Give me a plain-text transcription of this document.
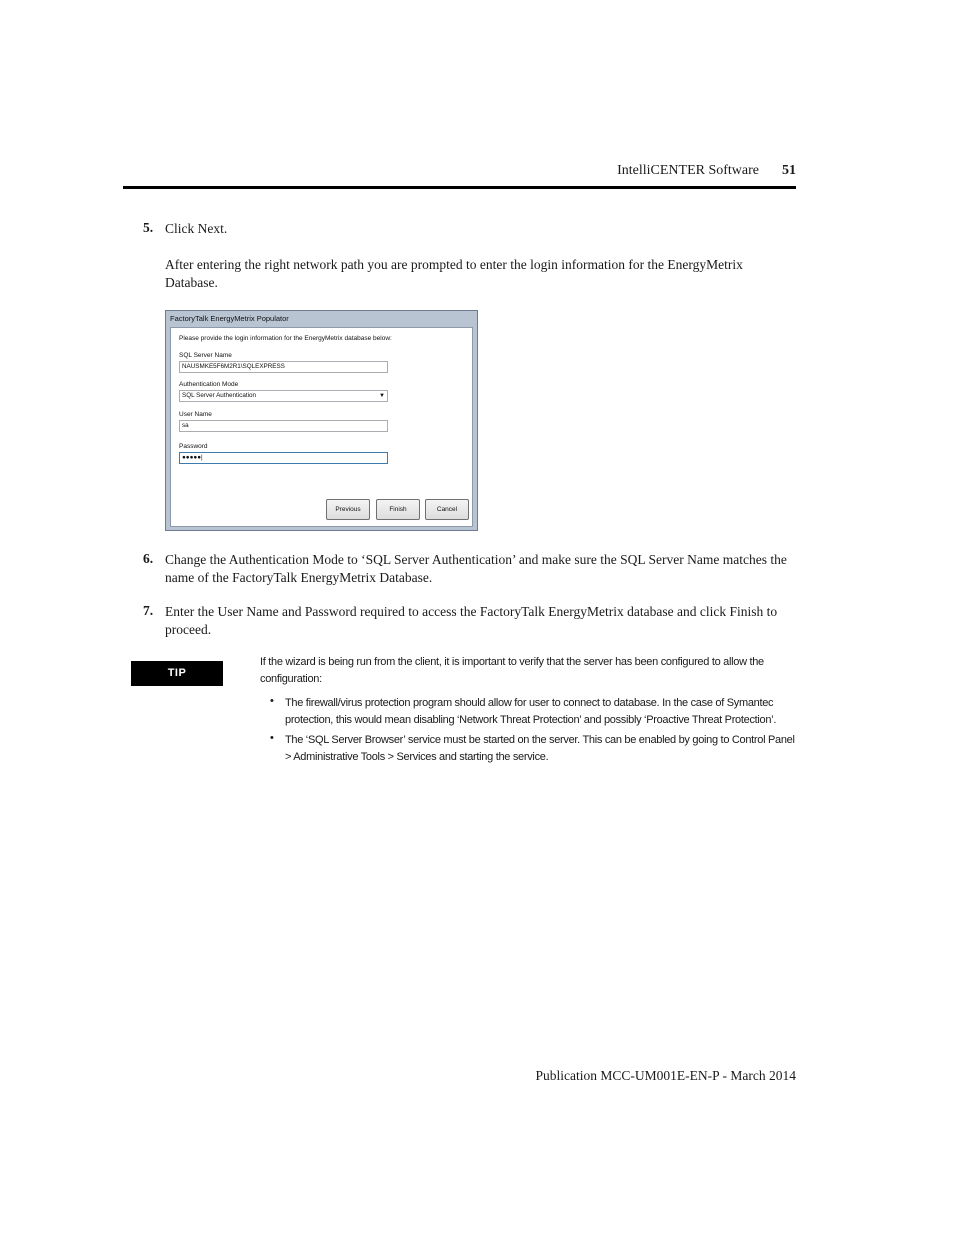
IntelliCENTER Software 51
5. Click Next.
After entering the right network path you are prompted to enter the login information for the EnergyMetrix Database.
FactoryTalk EnergyMetrix Populator
Please provide the login information for the EnergyMetrix database below:
SQL Server Name
NAUSMKE5F6M2R1\SQLEXPRESS
Authentication Mode
SQL Server Authentication	▼
User Name
sa
Password
●●●●●|
Previous	Finish	Cancel
6. Change the Authentication Mode to ‘SQL Server Authentication’ and make sure the SQL Server Name matches the name of the FactoryTalk EnergyMetrix Database.
7. Enter the User Name and Password required to access the FactoryTalk EnergyMetrix database and click Finish to proceed.
TIP
If the wizard is being run from the client, it is important to verify that the server has been configured to allow the configuration:
• The firewall/virus protection program should allow for user to connect to database. In the case of Symantec protection, this would mean disabling ‘Network Threat Protection’ and possibly ‘Proactive Threat Protection’.
• The ‘SQL Server Browser’ service must be started on the server. This can be enabled by going to Control Panel > Administrative Tools > Services and starting the service.
Publication MCC-UM001E-EN-P - March 2014
